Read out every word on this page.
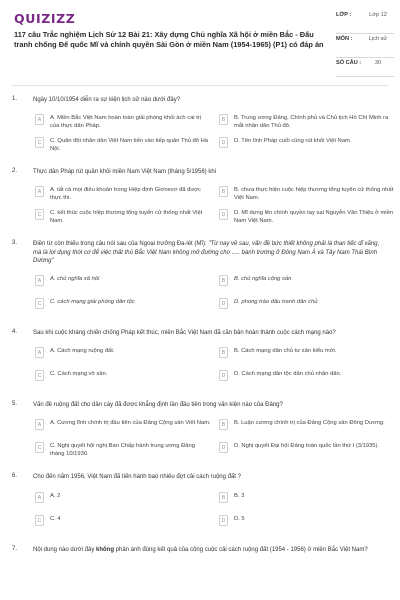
QUIZIZZ
117 câu Trắc nghiệm Lịch Sử 12 Bài 21: Xây dựng Chủ nghĩa Xã hội ở miền Bắc - Đấu tranh chống Đế quốc Mĩ và chính quyền Sài Gòn ở miền Nam (1954-1965) (P1) có đáp án
LỚP :	Lớp 12
MÔN :	Lịch sử
SỐ CÂU :	30
1.	Ngày 10/10/1954 diễn ra sự kiện lịch sử nào dưới đây?
A	A. Miền Bắc Việt Nam hoàn toàn giải phóng khỏi ách cai trị của thực dân Pháp.
B	B. Trung ương Đảng, Chính phủ và Chủ tịch Hồ Chí Minh ra mắt nhân dân Thủ đô.
C	C. Quân đội nhân dân Việt Nam tiến vào tiếp quản Thủ đô Hà Nội.
D	D. Tên lính Pháp cuối cùng rút khỏi Việt Nam.
2.	Thực dân Pháp rút quân khỏi miền Nam Việt Nam (tháng 5/1956) khi
A	A. tất cả mọi điều khoản trong Hiệp định Giơnevơ đã được thực thi.
B	B. chưa thực hiện cuộc hiệp thương tổng tuyển cử thống nhất Việt Nam.
C	C. kết thúc cuộc hiệp thương tổng tuyển cử thống nhất Việt Nam.
D	D. Mĩ dựng lên chính quyền tay sai Nguyễn Văn Thiệu ở miền Nam Việt Nam.
3.	Điền từ còn thiếu trong câu nói sau của Ngoại trưởng Đa-lét (Mĩ): "Từ nay về sau, vấn đề bức thiết không phải là than tiếc dĩ vãng, mà là lợi dụng thời cơ để việc thất thủ Bắc Việt Nam không mở đường cho ..... bành trướng ở Đông Nam Á và Tây Nam Thái Bình Dương"
A	A. chủ nghĩa xã hội	B	B. chủ nghĩa cộng sản
C	C. cách mạng giải phóng dân tộc	D	D. phong trào đấu tranh dân chủ
4.	Sau khi cuộc kháng chiến chống Pháp kết thúc, miền Bắc Việt Nam đã căn bản hoàn thành cuộc cách mạng nào?
A	A. Cách mạng ruộng đất.	B	B. Cách mạng dân chủ tư sản kiểu mới.
C	C. Cách mạng vô sản.	D	D. Cách mạng dân tộc dân chủ nhân dân.
5.	Vấn đề ruộng đất cho dân cày đã được khẳng định lần đầu tiên trong văn kiện nào của Đảng?
A	A. Cương lĩnh chính trị đầu tiên của Đảng Cộng sản Việt Nam.	B	B. Luận cương chính trị của Đảng Cộng sản Đông Dương.
C	C. Nghị quyết hội nghị Ban Chấp hành trung ương Đảng tháng 10/1930.
D	D. Nghị quyết Đại hội Đảng toàn quốc lần thứ I (3/1935).
6.	Cho đến năm 1956, Việt Nam đã tiến hành bao nhiêu đợt cải cách ruộng đất ?
A	A. 2	B	B. 3
C	C. 4	D	D. 5
7.	Nội dung nào dưới đây không phản ánh đúng kết quả của công cuộc cải cách ruộng đất (1954 - 1956) ở miền Bắc Việt Nam?
